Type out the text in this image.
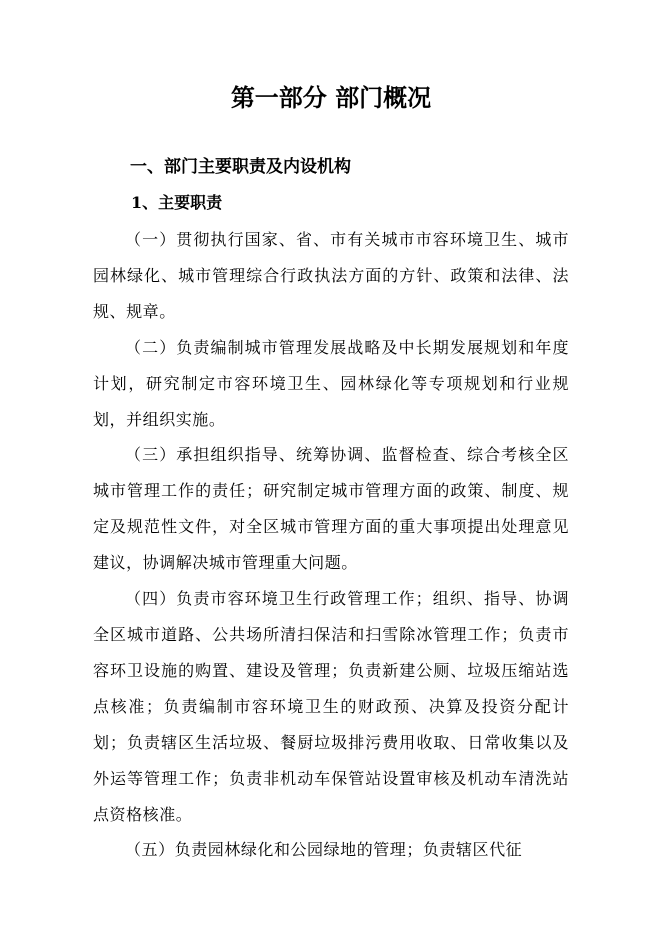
第一部分 部门概况
一、部门主要职责及内设机构
1、主要职责

（一）贯彻执行国家、省、市有关城市市容环境卫生、城市园林绿化、城市管理综合行政执法方面的方针、政策和法律、法规、规章。

（二）负责编制城市管理发展战略及中长期发展规划和年度计划，研究制定市容环境卫生、园林绿化等专项规划和行业规划，并组织实施。

（三）承担组织指导、统筹协调、监督检查、综合考核全区城市管理工作的责任；研究制定城市管理方面的政策、制度、规定及规范性文件，对全区城市管理方面的重大事项提出处理意见建议，协调解决城市管理重大问题。

（四）负责市容环境卫生行政管理工作；组织、指导、协调全区城市道路、公共场所清扫保洁和扫雪除冰管理工作；负责市容环卫设施的购置、建设及管理；负责新建公厕、垃圾压缩站选点核准；负责编制市容环境卫生的财政预、决算及投资分配计划；负责辖区生活垃圾、餐厨垃圾排污费用收取、日常收集以及外运等管理工作；负责非机动车保管站设置审核及机动车清洗站点资格核准。

（五）负责园林绿化和公园绿地的管理；负责辖区代征
